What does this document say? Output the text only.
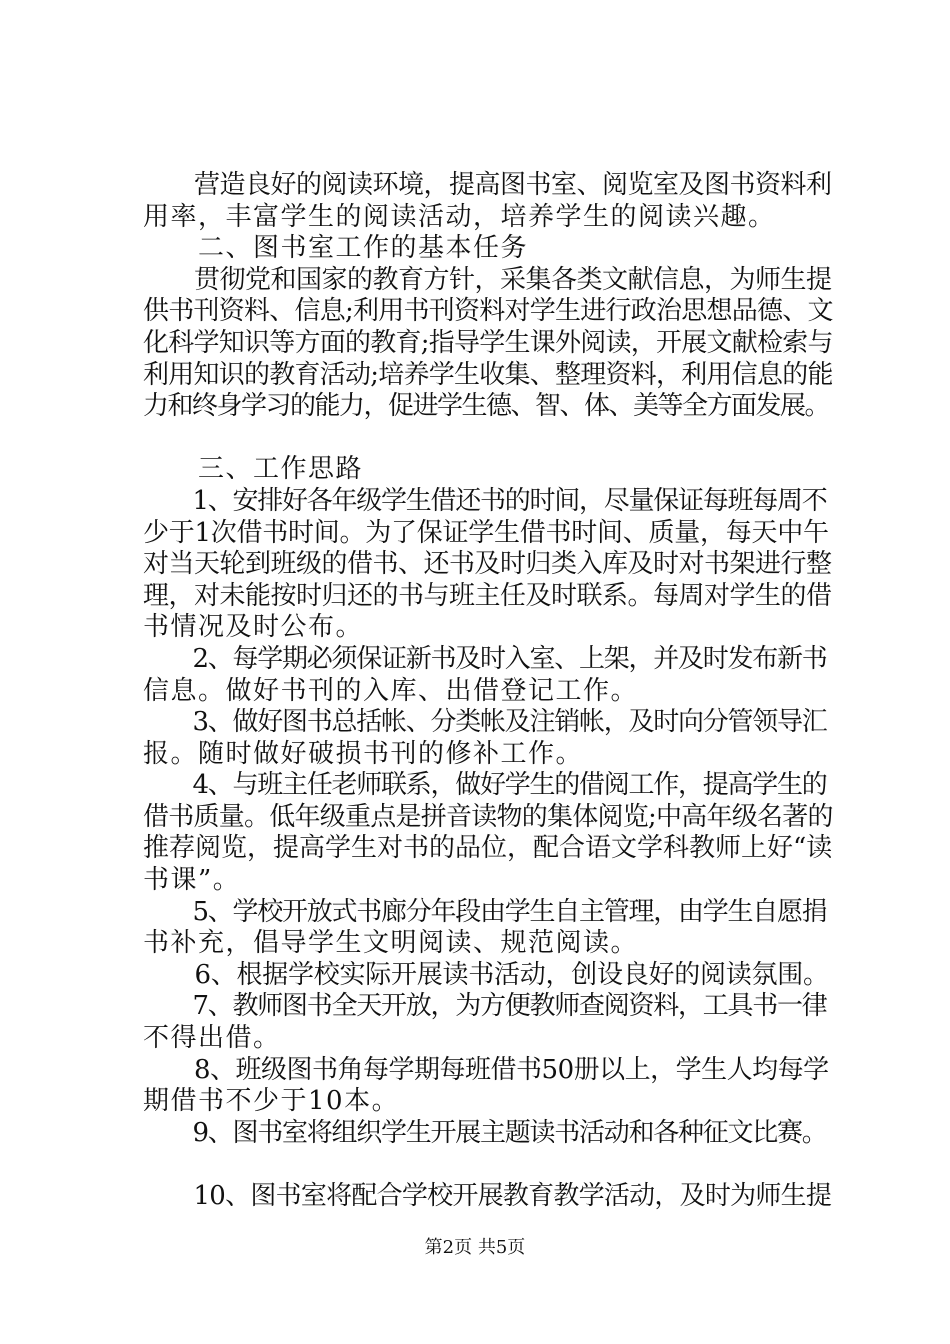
　　营造良好的阅读环境，提高图书室、阅览室及图书资料利
用率，丰富学生的阅读活动，培养学生的阅读兴趣。
　　二、图书室工作的基本任务
　　贯彻党和国家的教育方针，采集各类文献信息，为师生提
供书刊资料、信息;利用书刊资料对学生进行政治思想品德、文
化科学知识等方面的教育;指导学生课外阅读，开展文献检索与
利用知识的教育活动;培养学生收集、整理资料，利用信息的能
力和终身学习的能力，促进学生德、智、体、美等全方面发展。
　　三、工作思路
　　1、安排好各年级学生借还书的时间，尽量保证每班每周不
少于1次借书时间。为了保证学生借书时间、质量，每天中午
对当天轮到班级的借书、还书及时归类入库及时对书架进行整
理，对未能按时归还的书与班主任及时联系。每周对学生的借
书情况及时公布。
　　2、每学期必须保证新书及时入室、上架，并及时发布新书
信息。做好书刊的入库、出借登记工作。
　　3、做好图书总括帐、分类帐及注销帐，及时向分管领导汇
报。随时做好破损书刊的修补工作。
　　4、与班主任老师联系，做好学生的借阅工作，提高学生的
借书质量。低年级重点是拼音读物的集体阅览;中高年级名著的
推荐阅览，提高学生对书的品位，配合语文学科教师上好“读
书课”。
　　5、学校开放式书廊分年段由学生自主管理，由学生自愿捐
书补充，倡导学生文明阅读、规范阅读。
　　6、根据学校实际开展读书活动，创设良好的阅读氛围。
　　7、教师图书全天开放，为方便教师查阅资料，工具书一律
不得出借。
　　8、班级图书角每学期每班借书50册以上，学生人均每学
期借书不少于10本。
　　9、图书室将组织学生开展主题读书活动和各种征文比赛。
　　10、图书室将配合学校开展教育教学活动，及时为师生提
第2页 共5页
